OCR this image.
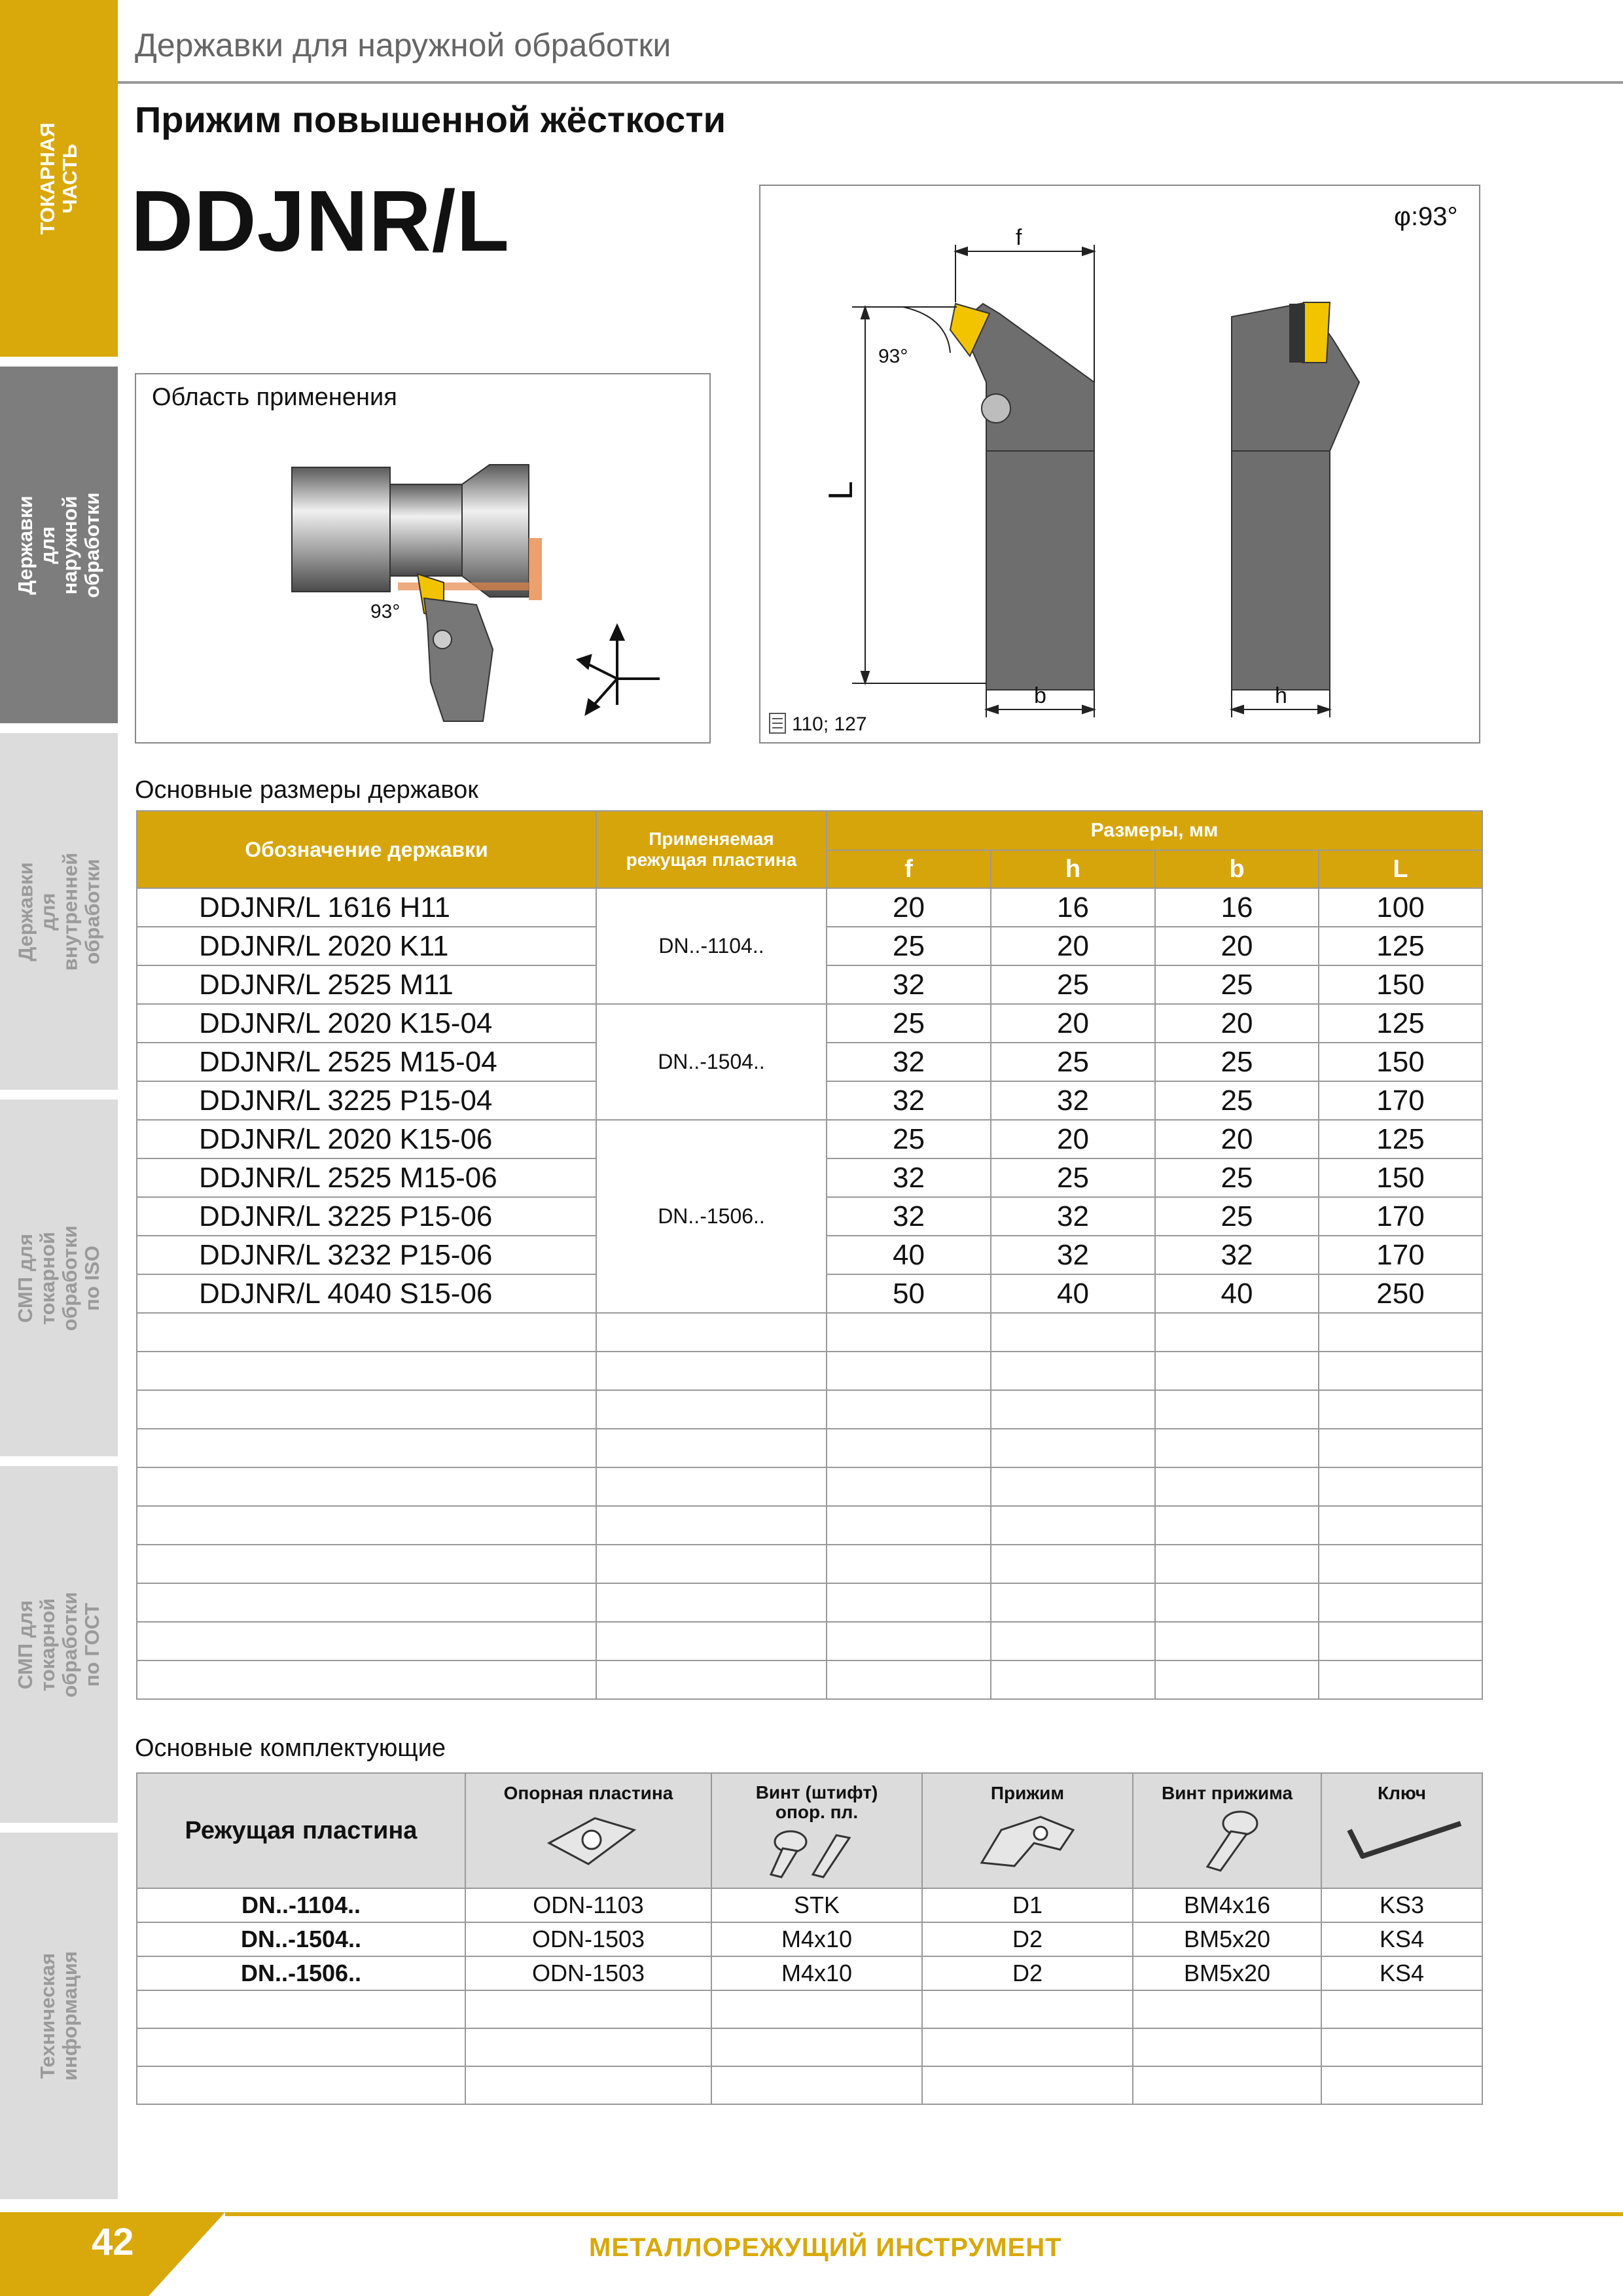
ТОКАРНАЯ
ЧАСТЬ
Державки для
наружной обработки
Державки для
внутренней обработки
СМП для токарной
обработки по ISO
СМП для токарной
обработки по ГОСТ
Техническая
информация
Державки для наружной обработки
Прижим повышенной жёсткости
DDJNR/L
Область применения
93°
φ:93°
f
93°
L
b	h
110; 127
Основные размеры державок
Обозначение державки	Применяемая
режущая пластина	Размеры, мм			
		f	h	b	L
DDJNR/L 1616 H11	DN..-1104..	20	16	16	100
DDJNR/L 2020 K11		25	20	20	125
DDJNR/L 2525 M11		32	25	25	150
DDJNR/L 2020 K15-04	DN..-1504..	25	20	20	125
DDJNR/L 2525 M15-04		32	25	25	150
DDJNR/L 3225 P15-04		32	32	25	170
DDJNR/L 2020 K15-06	DN..-1506..	25	20	20	125
DDJNR/L 2525 M15-06		32	25	25	150
DDJNR/L 3225 P15-06		32	32	25	170
DDJNR/L 3232 P15-06		40	32	32	170
DDJNR/L 4040 S15-06		50	40	40	250

Основные комплектующие
Режущая пластина	Опорная пластина	Винт (штифт)
опор. пл.	Прижим	Винт прижима	Ключ

DN..-1104..	ODN-1103	STK	D1	BM4x16	KS3
DN..-1504..	ODN-1503	M4x10	D2	BM5x20	KS4
DN..-1506..	ODN-1503	M4x10	D2	BM5x20	KS4

42	МЕТАЛЛОРЕЖУЩИЙ ИНСТРУМЕНТ
